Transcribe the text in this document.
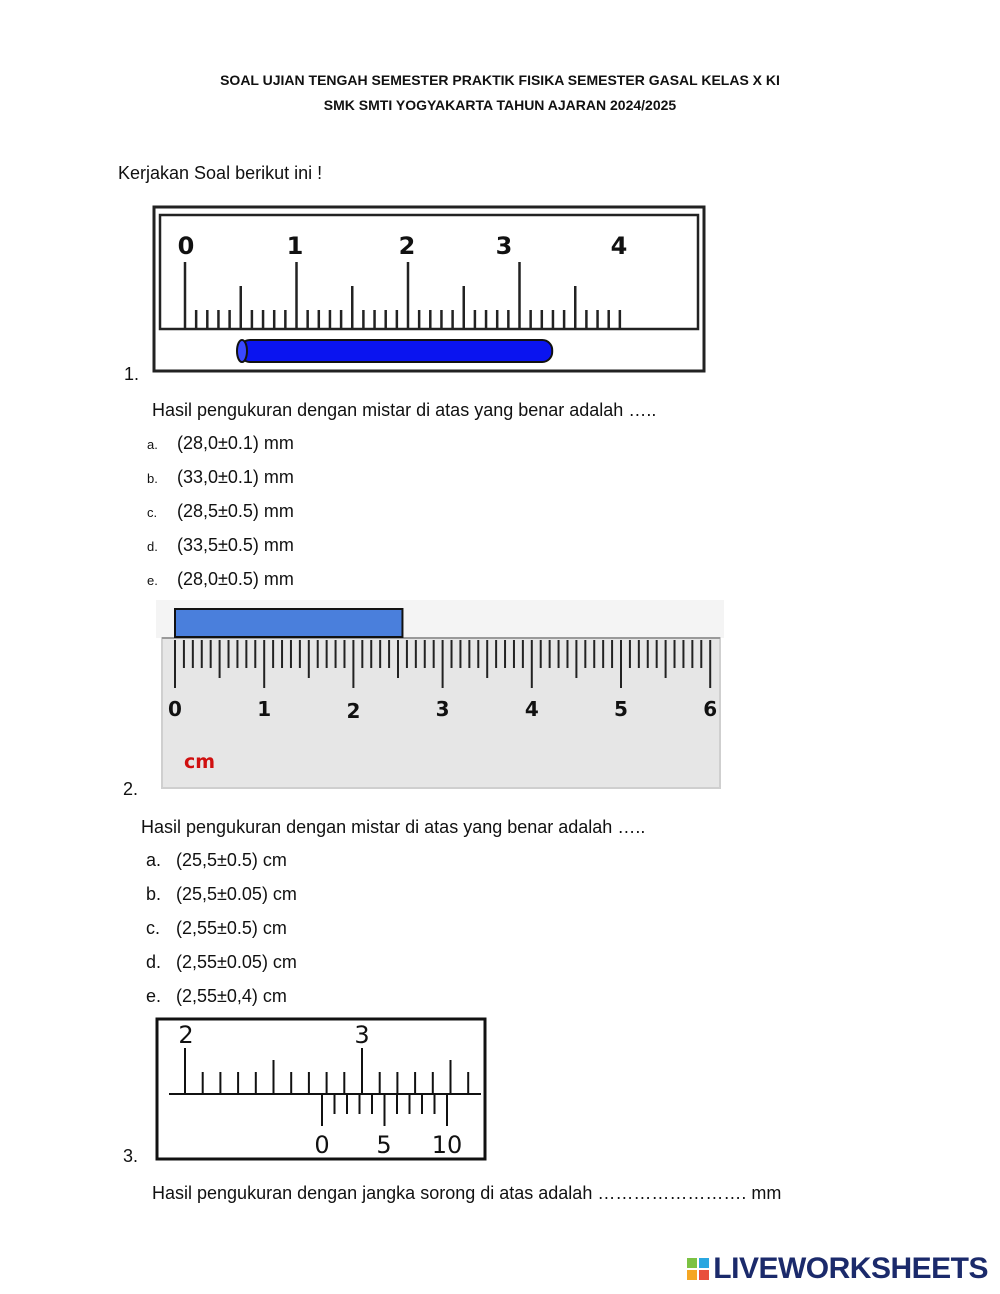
SOAL UJIAN TENGAH SEMESTER PRAKTIK FISIKA SEMESTER GASAL KELAS X KI
SMK SMTI YOGYAKARTA TAHUN AJARAN 2024/2025
Kerjakan Soal berikut ini !
0	1	2	3	4
1.
Hasil pengukuran dengan mistar di atas yang benar adalah …..
a. (28,0±0.1) mm
b. (33,0±0.1) mm
c. (28,5±0.5) mm
d. (33,5±0.5) mm
e. (28,0±0.5) mm
0	1	2	3	4	5	6
cm
2.
Hasil pengukuran dengan mistar di atas yang benar adalah …..
a. (25,5±0.5) cm
b. (25,5±0.05) cm
c. (2,55±0.5) cm
d. (2,55±0.05) cm
e. (2,55±0,4) cm
2	3
0 5 10
3.
Hasil pengukuran dengan jangka sorong di atas adalah ……………………. mm
LIVEWORKSHEETS
